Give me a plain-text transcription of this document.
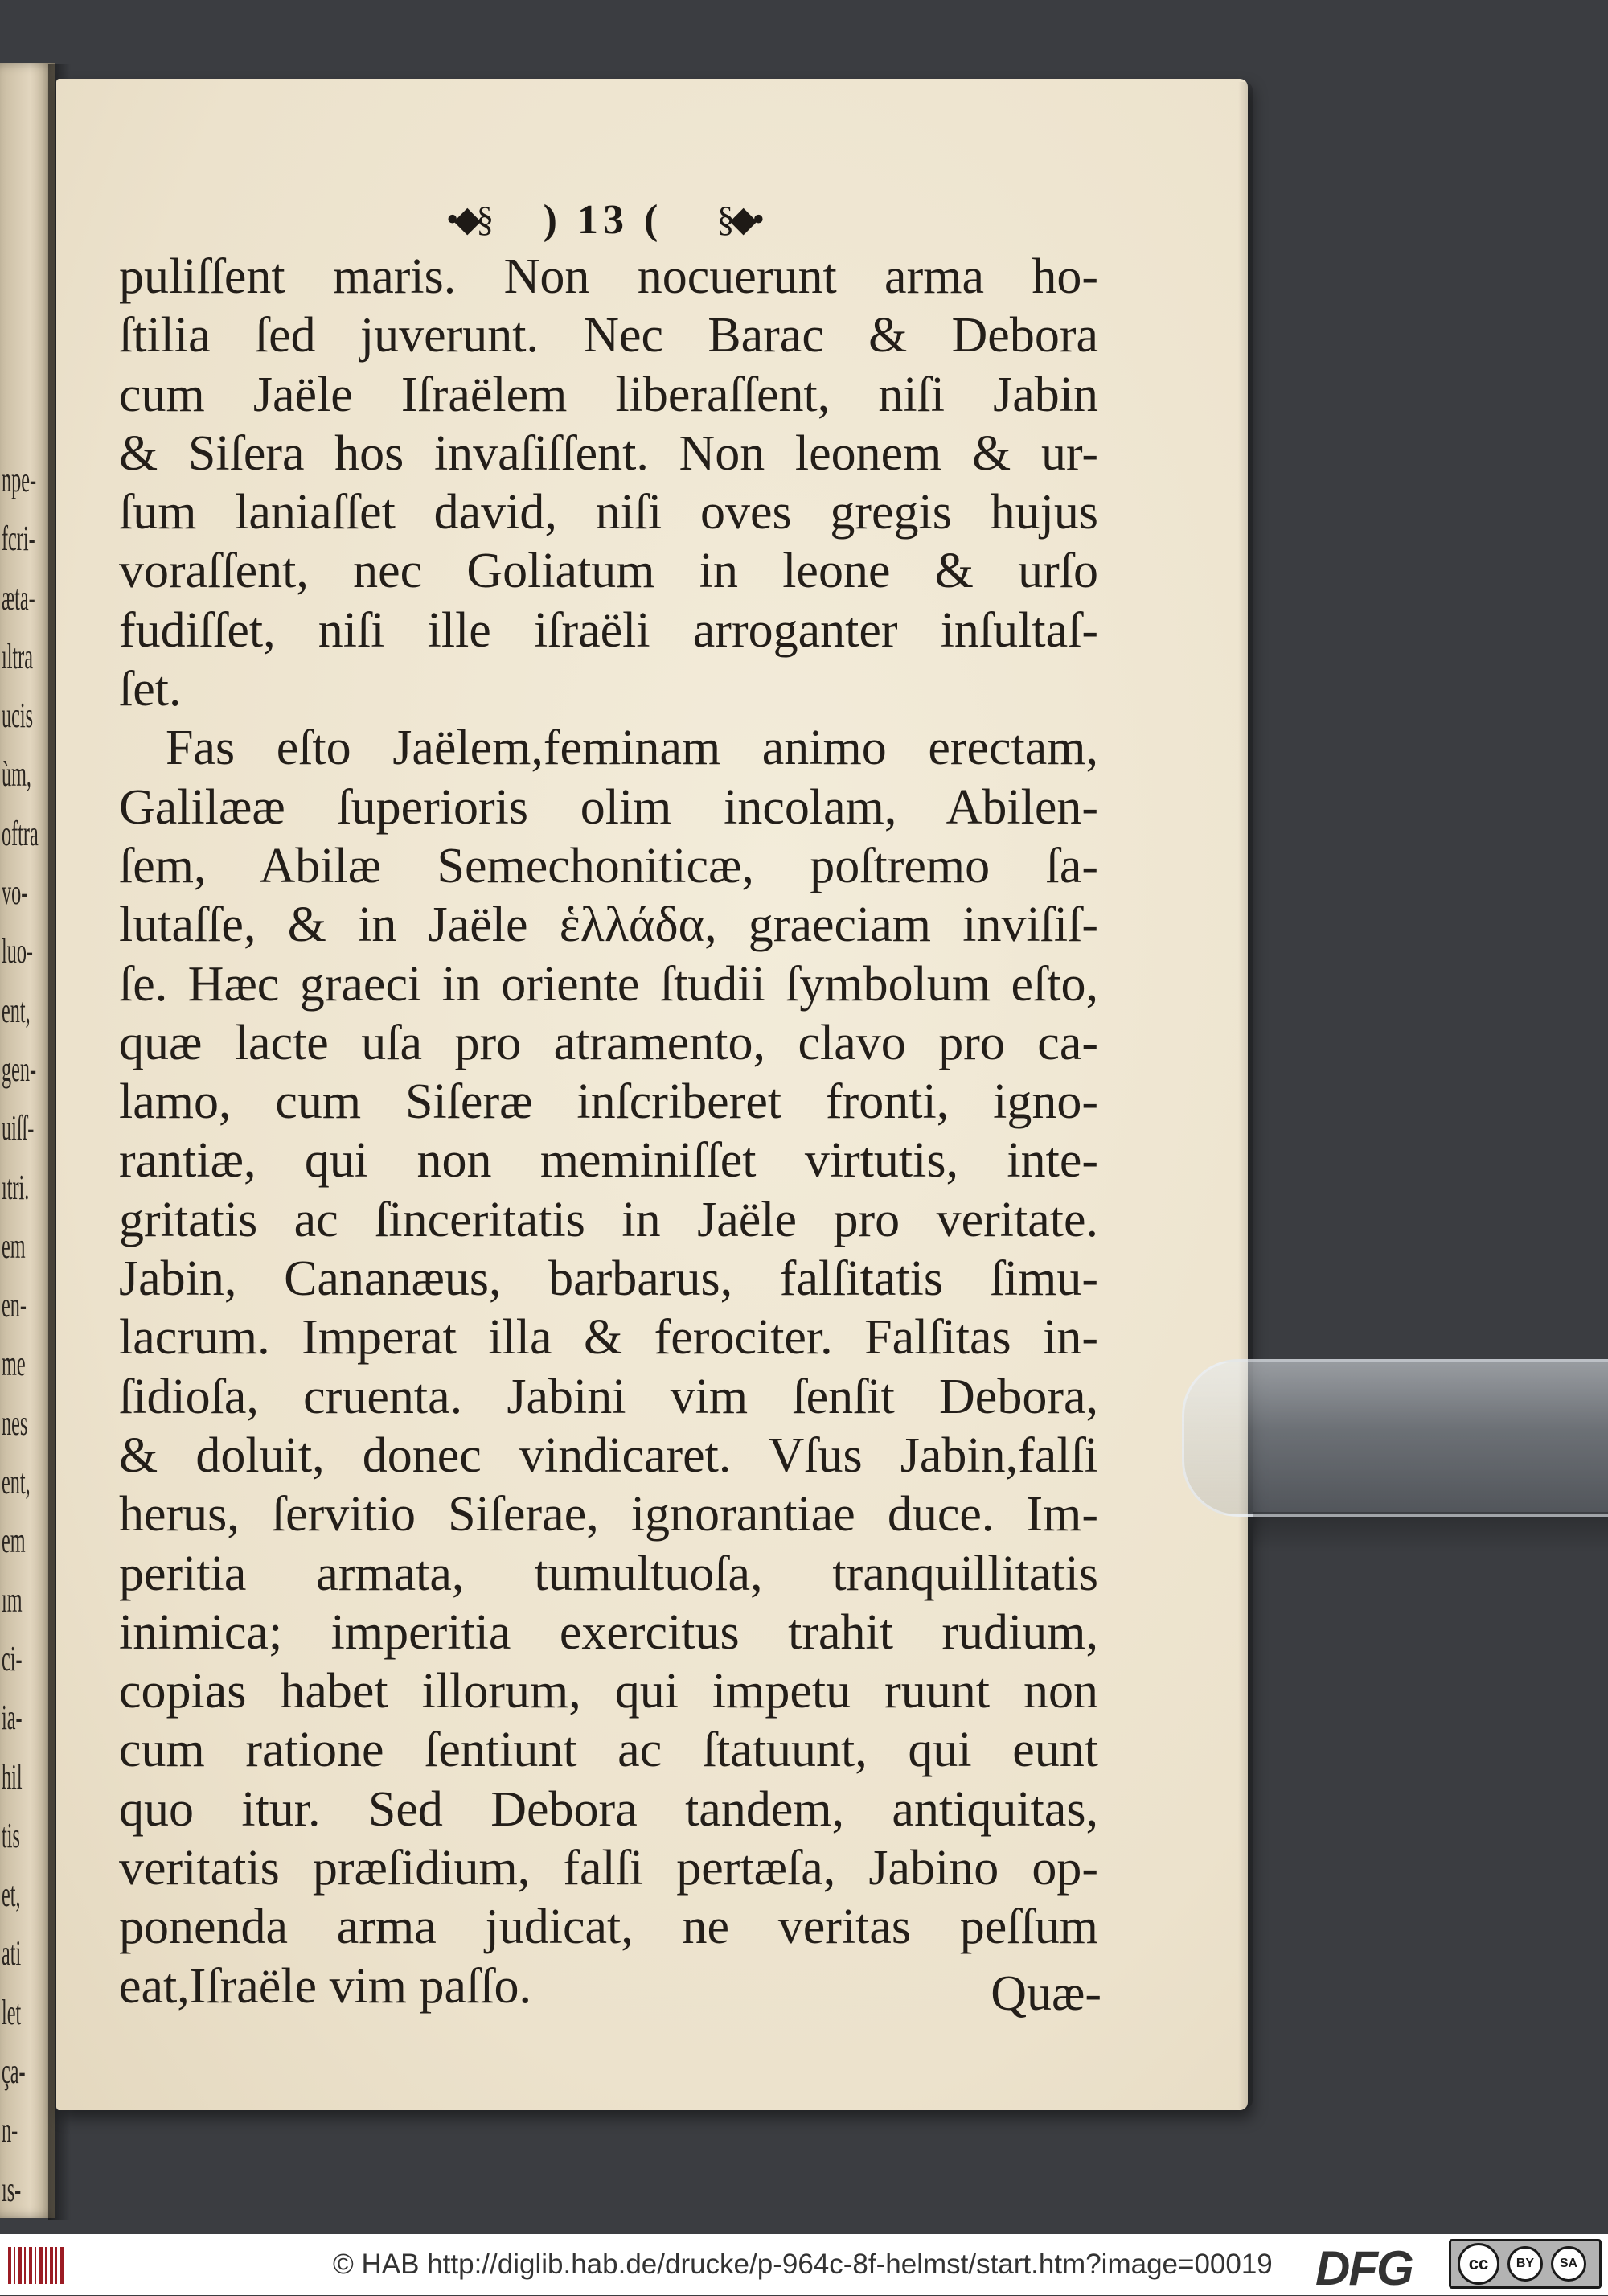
npe-
fcri-
æta-
ıltra
ucis
ùm,
oftra
vo-
luo-
ent,
gen-
uiſſ-
ıtri.
em
en-
me
nes
ent,
em
ım
ci-
ia-
hil
tis
et,
ati
let
ça-
n-
ıs-
•◆§ ) 13 ( §◆•
puliſſent maris. Non nocuerunt arma ho-
ſtilia ſed juverunt. Nec Barac & Debora
cum Jaële Iſraëlem liberaſſent, niſi Jabin
& Siſera hos invaſiſſent. Non leonem & ur-
ſum laniaſſet david, niſi oves gregis hujus
voraſſent, nec Goliatum in leone & urſo
fudiſſet, niſi ille iſraëli arroganter inſultaſ-
ſet.
Fas eſto Jaëlem,feminam animo erectam,
Galilææ ſuperioris olim incolam, Abilen-
ſem, Abilæ Semechoniticæ, poſtremo ſa-
lutaſſe, & in Jaële ἑλλάδα, graeciam inviſiſ-
ſe. Hæc graeci in oriente ſtudii ſymbolum eſto,
quæ lacte uſa pro atramento, clavo pro ca-
lamo, cum Siſeræ inſcriberet fronti, igno-
rantiæ, qui non meminiſſet virtutis, inte-
gritatis ac ſinceritatis in Jaële pro veritate.
Jabin, Cananæus, barbarus, falſitatis ſimu-
lacrum. Imperat illa & ferociter. Falſitas in-
ſidioſa, cruenta. Jabini vim ſenſit Debora,
& doluit, donec vindicaret. Vſus Jabin,falſi
herus, ſervitio Siſerae, ignorantiae duce. Im-
peritia armata, tumultuoſa, tranquillitatis
inimica; imperitia exercitus trahit rudium,
copias habet illorum, qui impetu ruunt non
cum ratione ſentiunt ac ſtatuunt, qui eunt
quo itur. Sed Debora tandem, antiquitas,
veritatis præſidium, falſi pertæſa, Jabino op-
ponenda arma judicat, ne veritas peſſum
eat,Iſraële vim paſſo.	Quæ-
© HAB http://diglib.hab.de/drucke/p-964c-8f-helmst/start.htm?image=00019 DFG	cc	BY SA
